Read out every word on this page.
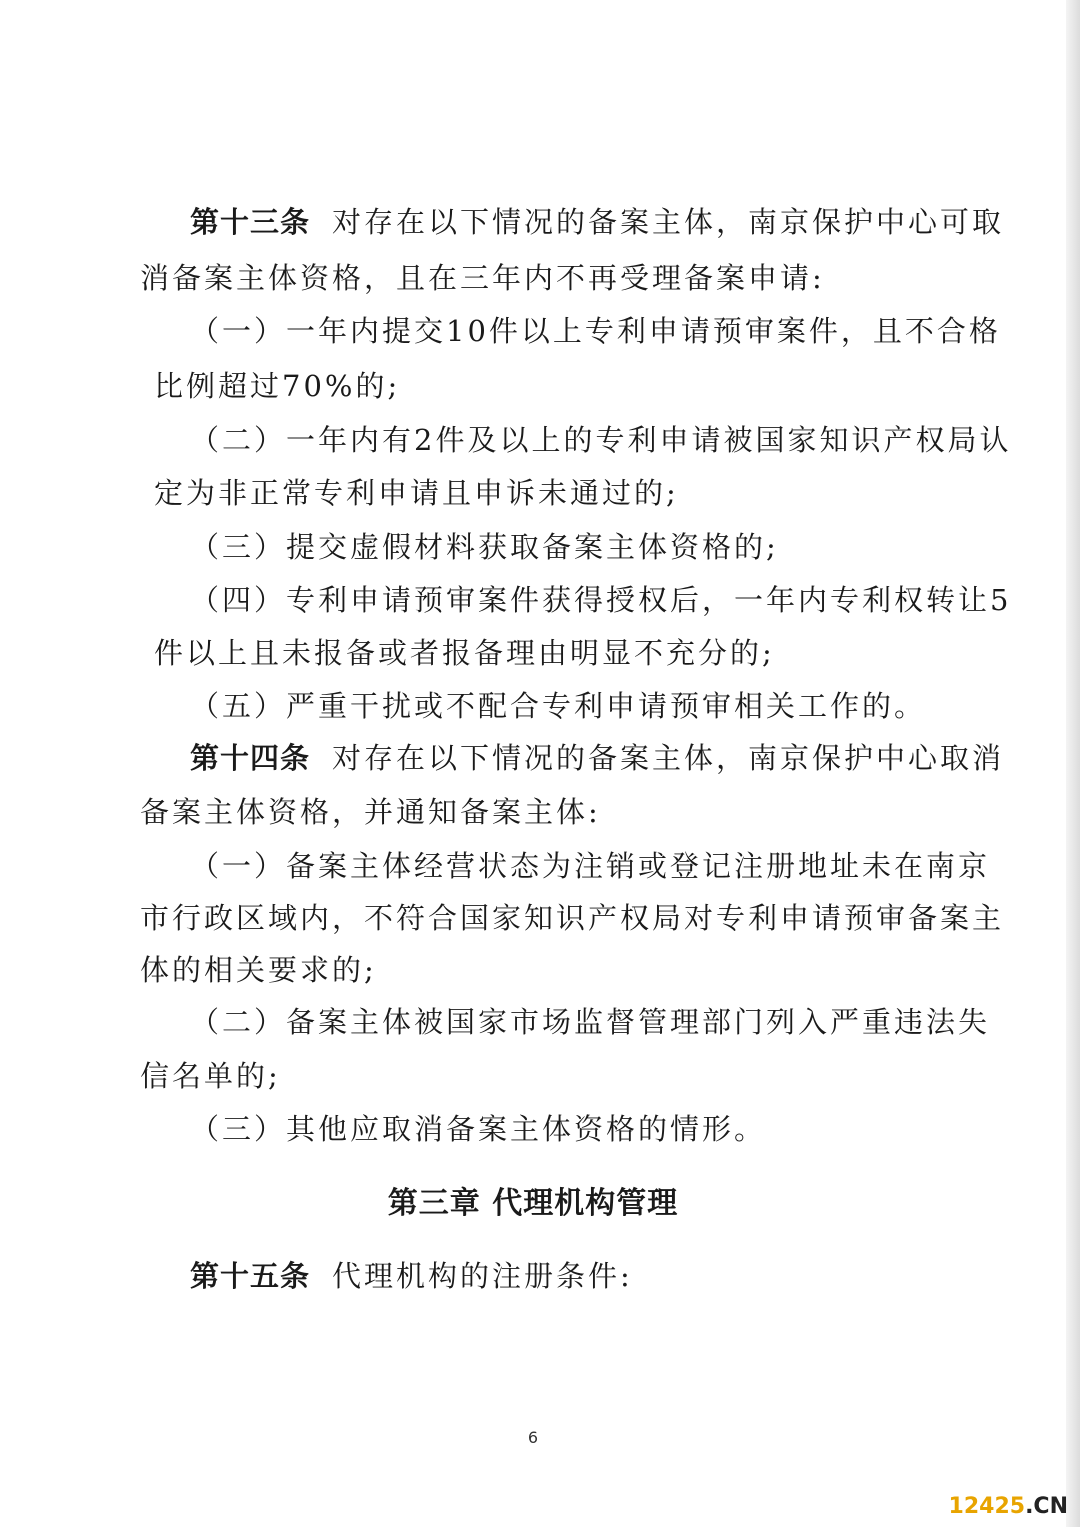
第十三条 对存在以下情况的备案主体，南京保护中心可取
消备案主体资格，且在三年内不再受理备案申请:
（一）一年内提交10件以上专利申请预审案件，且不合格
比例超过70%的;
（二）一年内有2件及以上的专利申请被国家知识产权局认
定为非正常专利申请且申诉未通过的;
（三）提交虚假材料获取备案主体资格的;
（四）专利申请预审案件获得授权后，一年内专利权转让5
件以上且未报备或者报备理由明显不充分的;
（五）严重干扰或不配合专利申请预审相关工作的。
第十四条 对存在以下情况的备案主体，南京保护中心取消
备案主体资格，并通知备案主体:
（一）备案主体经营状态为注销或登记注册地址未在南京
市行政区域内，不符合国家知识产权局对专利申请预审备案主
体的相关要求的;
（二）备案主体被国家市场监督管理部门列入严重违法失
信名单的;
（三）其他应取消备案主体资格的情形。
第三章 代理机构管理
第十五条 代理机构的注册条件:
6
12425.CN
